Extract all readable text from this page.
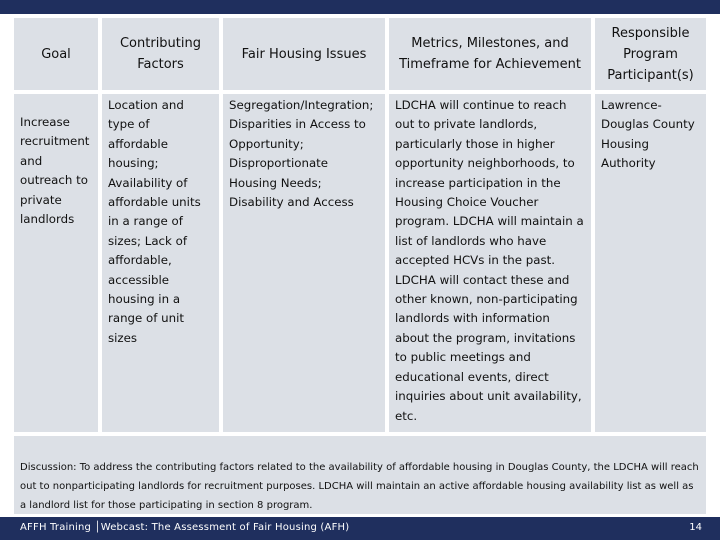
Goal
Contributing Factors
Fair Housing Issues
Metrics, Milestones, and Timeframe for Achievement
Responsible Program Participant(s)
Increase recruitment and outreach to private landlords
Location and type of affordable housing; Availability of affordable units in a range of sizes; Lack of affordable, accessible housing in a range of unit sizes
Segregation/Integration; Disparities in Access to Opportunity; Disproportionate Housing Needs; Disability and Access
LDCHA will continue to reach out to private landlords, particularly those in higher opportunity neighborhoods, to increase participation in the Housing Choice Voucher program. LDCHA will maintain a list of landlords who have accepted HCVs in the past. LDCHA will contact these and other known, non-participating landlords with information about the program, invitations to public meetings and educational events, direct inquiries about unit availability, etc.
Lawrence-Douglas County Housing Authority
Discussion: To address the contributing factors related to the availability of affordable housing in Douglas County, the LDCHA will reach out to nonparticipating landlords for recruitment purposes. LDCHA will maintain an active affordable housing availability list as well as a landlord list for those participating in section 8 program.
AFFH Training │Webcast: The Assessment of Fair Housing (AFH)	14
